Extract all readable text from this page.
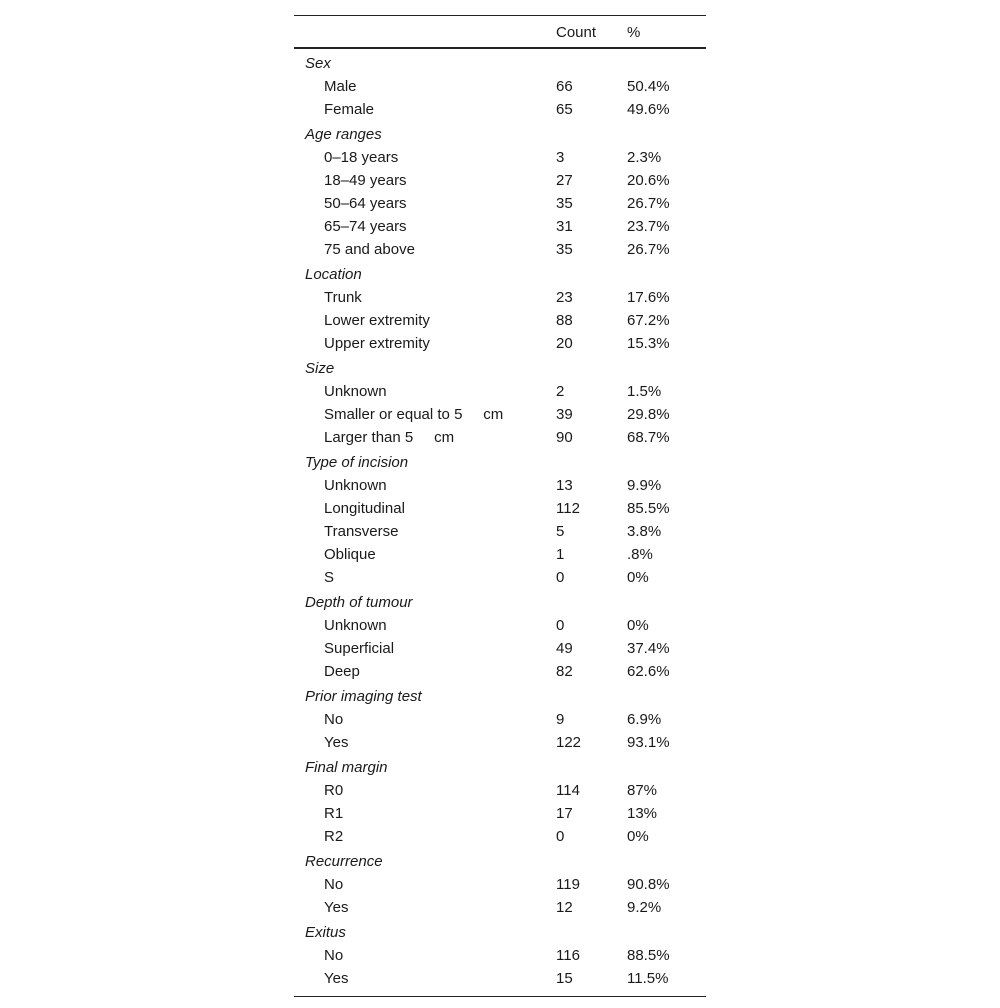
Count %
Sex
Male	66	50.4%
Female	65	49.6%
Age ranges
0–18 years	3	2.3%
18–49 years	27	20.6%
50–64 years	35	26.7%
65–74 years	31	23.7%
75 and above	35	26.7%
Location
Trunk	23	17.6%
Lower extremity	88	67.2%
Upper extremity	20	15.3%
Size
Unknown	2	1.5%
Smaller or equal to 5     cm	39	29.8%
Larger than 5     cm	90	68.7%
Type of incision
Unknown	13	9.9%
Longitudinal	112	85.5%
Transverse	5	3.8%
Oblique	1	.8%
S	0	0%
Depth of tumour
Unknown	0	0%
Superficial	49	37.4%
Deep	82	62.6%
Prior imaging test
No	9	6.9%
Yes	122	93.1%
Final margin
R0	114	87%
R1	17	13%
R2	0	0%
Recurrence
No	119	90.8%
Yes	12	9.2%
Exitus
No	116	88.5%
Yes	15	11.5%
